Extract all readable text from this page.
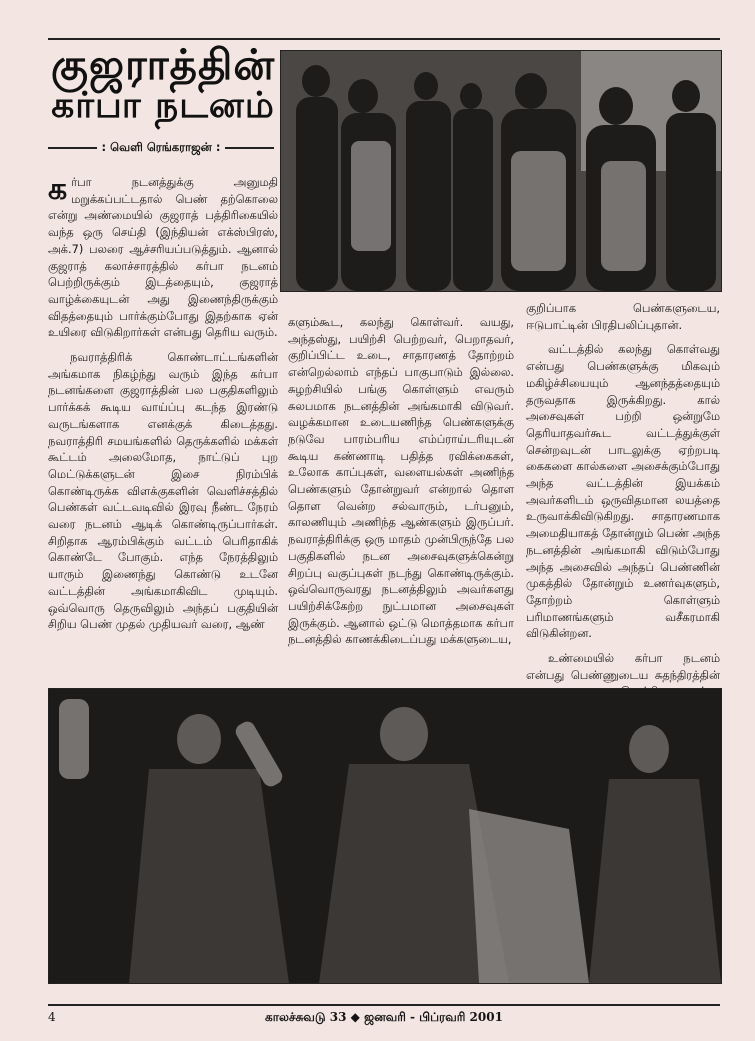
குஜராத்தின்
கர்பா நடனம்
: வெளி ரெங்கராஜன் :

கர்பா நடனத்துக்கு அனுமதி மறுக்கப்பட்டதால் பெண் தற்கொலை என்று அண்மையில் குஜராத் பத்திரிகையில் வந்த ஒரு செய்தி (இந்தியன் எக்ஸ்பிரஸ், அக்.7) பலரை ஆச்சரியப்படுத்தும். ஆனால் குஜராத் கலாச்சாரத்தில் கர்பா நடனம் பெற்றிருக்கும் இடத்தையும், குஜராத் வாழ்க்கையுடன் அது இணைந்திருக்கும் விதத்தையும் பார்க்கும்போது இதற்காக ஏன் உயிரை விடுகிறார்கள் என்பது தெரிய வரும்.

நவராத்திரிக் கொண்டாட்டங்களின் அங்கமாக நிகழ்ந்து வரும் இந்த கர்பா நடனங்களை குஜராத்தின் பல பகுதிகளிலும் பார்க்கக் கூடிய வாய்ப்பு கடந்த இரண்டு வருடங்களாக எனக்குக் கிடைத்தது. நவராத்திரி சமயங்களில் தெருக்களில் மக்கள் கூட்டம் அலைமோத, நாட்டுப் புற மெட்டுக்களுடன் இசை நிரம்பிக் கொண்டிருக்க விளக்குகளின் வெளிச்சத்தில் பெண்கள் வட்டவடிவில் இரவு நீண்ட நேரம் வரை நடனம் ஆடிக் கொண்டிருப்பார்கள். சிறிதாக ஆரம்பிக்கும் வட்டம் பெரிதாகிக் கொண்டே போகும். எந்த நேரத்திலும் யாரும் இணைந்து கொண்டு உடனே வட்டத்தின் அங்கமாகிவிட முடியும். ஒவ்வொரு தெருவிலும் அந்தப் பகுதியின் சிறிய பெண் முதல் முதியவர் வரை, ஆண்

களும்கூட, கலந்து கொள்வர். வயது, அந்தஸ்து, பயிற்சி பெற்றவர், பெறாதவர், குறிப்பிட்ட உடை, சாதாரணத் தோற்றம் என்றெல்லாம் எந்தப் பாகுபாடும் இல்லை. சுழற்சியில் பங்கு கொள்ளும் எவரும் சுலபமாக நடனத்தின் அங்கமாகி விடுவர். வழக்கமான உடையணிந்த பெண்களுக்கு நடுவே பாரம்பரிய எம்ப்ராய்டரியுடன் கூடிய கண்ணாடி பதித்த ரவிக்கைகள், உலோக காப்புகள், வளையல்கள் அணிந்த பெண்களும் தோன்றுவர் என்றால் தொள தொள வென்ற சல்வாரும், டர்பனும், காலணியும் அணிந்த ஆண்களும் இருப்பர். நவராத்திரிக்கு ஒரு மாதம் முன்பிருந்தே பல பகுதிகளில் நடன அசைவுகளுக்கென்று சிறப்பு வகுப்புகள் நடந்து கொண்டிருக்கும். ஒவ்வொருவரது நடனத்திலும் அவர்களது பயிற்சிக்கேற்ற நுட்பமான அசைவுகள் இருக்கும். ஆனால் ஒட்டு மொத்தமாக கர்பா நடனத்தில் காணக்கிடைப்பது மக்களுடைய,

குறிப்பாக பெண்களுடைய, ஈடுபாட்டின் பிரதிபலிப்புதான்.

வட்டத்தில் கலந்து கொள்வது என்பது பெண்களுக்கு மிகவும் மகிழ்ச்சியையும் ஆனந்தத்தையும் தருவதாக இருக்கிறது. கால் அசைவுகள் பற்றி ஒன்றுமே தெரியாதவர்கூட வட்டத்துக்குள் சென்றவுடன் பாடலுக்கு ஏற்றபடி கைகளை கால்களை அசைக்கும்போது அந்த வட்டத்தின் இயக்கம் அவர்களிடம் ஒருவிதமான லயத்தை உருவாக்கிவிடுகிறது. சாதாரணமாக அமைதியாகத் தோன்றும் பெண் அந்த நடனத்தின் அங்கமாகி விடும்போது அந்த அசைவில் அந்தப் பெண்ணின் முகத்தில் தோன்றும் உணர்வுகளும், தோற்றம் கொள்ளும் பரிமாணங்களும் வசீகரமாகி விடுகின்றன.

உண்மையில் கர்பா நடனம் என்பது பெண்ணுடைய சுதந்திரத்தின்

4	காலச்சுவடு 33 ◆ ஜனவரி - பிப்ரவரி 2001
